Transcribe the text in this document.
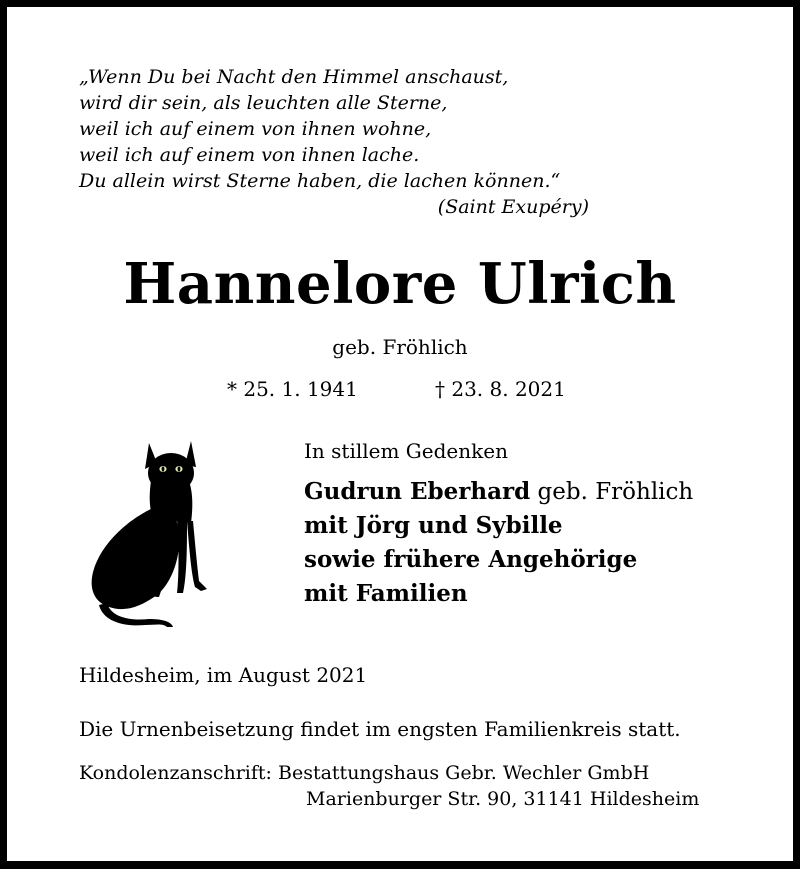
„Wenn Du bei Nacht den Himmel anschaust,
wird dir sein, als leuchten alle Sterne,
weil ich auf einem von ihnen wohne,
weil ich auf einem von ihnen lache.
Du allein wirst Sterne haben, die lachen können.“
(Saint Exupéry)
Hannelore Ulrich
geb. Fröhlich
* 25. 1. 1941	† 23. 8. 2021
In stillem Gedenken
Gudrun Eberhard geb. Fröhlich
mit Jörg und Sybille
sowie frühere Angehörige
mit Familien
Hildesheim, im August 2021
Die Urnenbeisetzung findet im engsten Familienkreis statt.
Kondolenzanschrift: Bestattungshaus Gebr. Wechler GmbH
Marienburger Str. 90, 31141 Hildesheim
